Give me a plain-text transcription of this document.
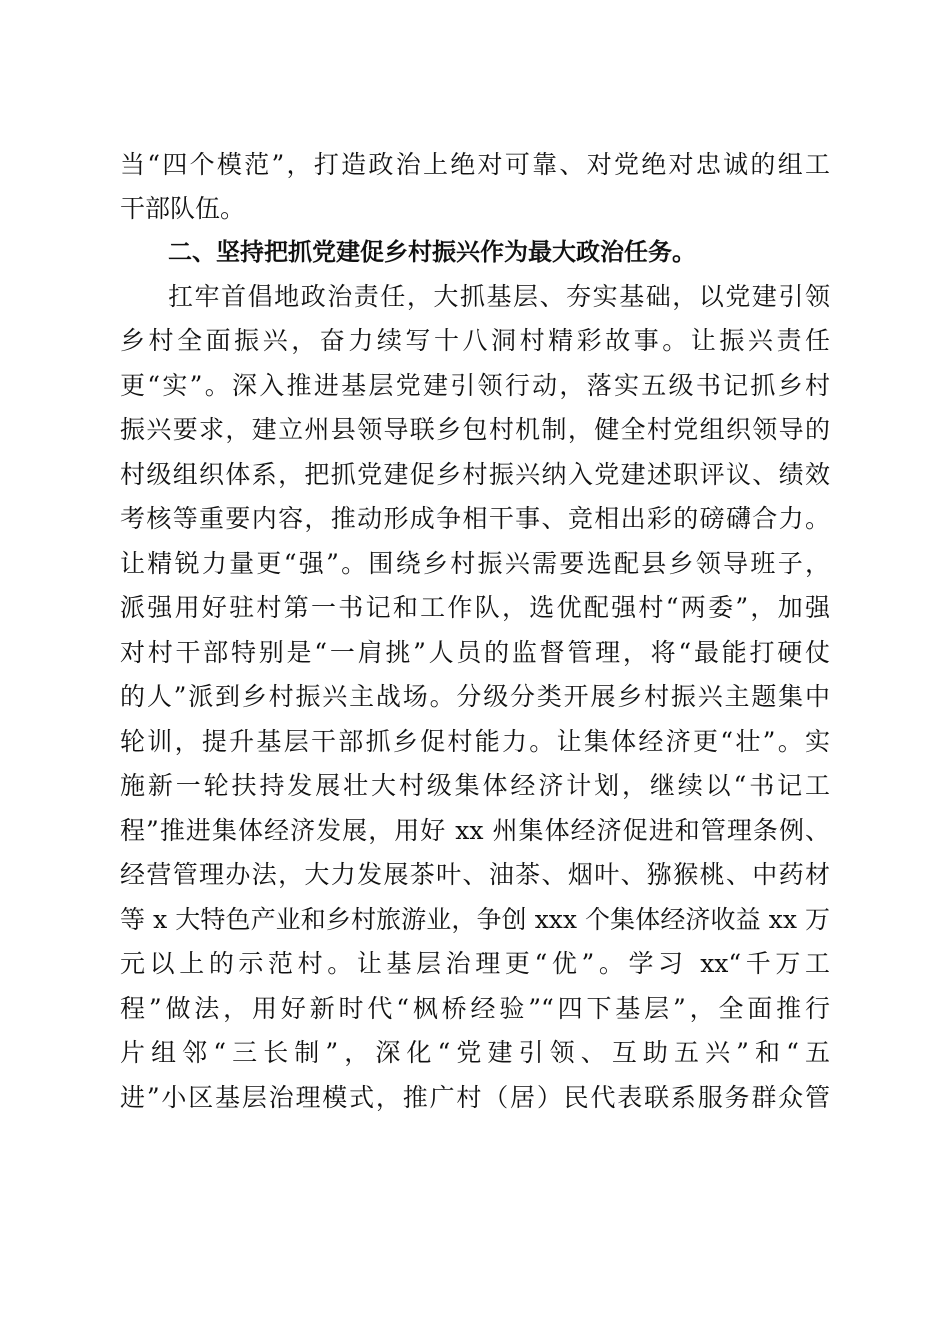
当“四个模范”，打造政治上绝对可靠、对党绝对忠诚的组工
干部队伍。
二、坚持把抓党建促乡村振兴作为最大政治任务。
扛牢首倡地政治责任，大抓基层、夯实基础，以党建引领
乡村全面振兴，奋力续写十八洞村精彩故事。让振兴责任
更“实”。深入推进基层党建引领行动，落实五级书记抓乡村
振兴要求，建立州县领导联乡包村机制，健全村党组织领导的
村级组织体系，把抓党建促乡村振兴纳入党建述职评议、绩效
考核等重要内容，推动形成争相干事、竞相出彩的磅礴合力。
让精锐力量更“强”。围绕乡村振兴需要选配县乡领导班子，
派强用好驻村第一书记和工作队，选优配强村“两委”，加强
对村干部特别是“一肩挑”人员的监督管理，将“最能打硬仗
的人”派到乡村振兴主战场。分级分类开展乡村振兴主题集中
轮训，提升基层干部抓乡促村能力。让集体经济更“壮”。实
施新一轮扶持发展壮大村级集体经济计划，继续以“书记工
程”推进集体经济发展，用好 xx 州集体经济促进和管理条例、
经营管理办法，大力发展茶叶、油茶、烟叶、猕猴桃、中药材
等 x 大特色产业和乡村旅游业，争创 xxx 个集体经济收益 xx 万
元以上的示范村。让基层治理更“优”。学习 xx“千万工
程”做法，用好新时代“枫桥经验”“四下基层”，全面推行
片组邻“三长制”，深化“党建引领、互助五兴”和“五
进”小区基层治理模式，推广村（居）民代表联系服务群众管
